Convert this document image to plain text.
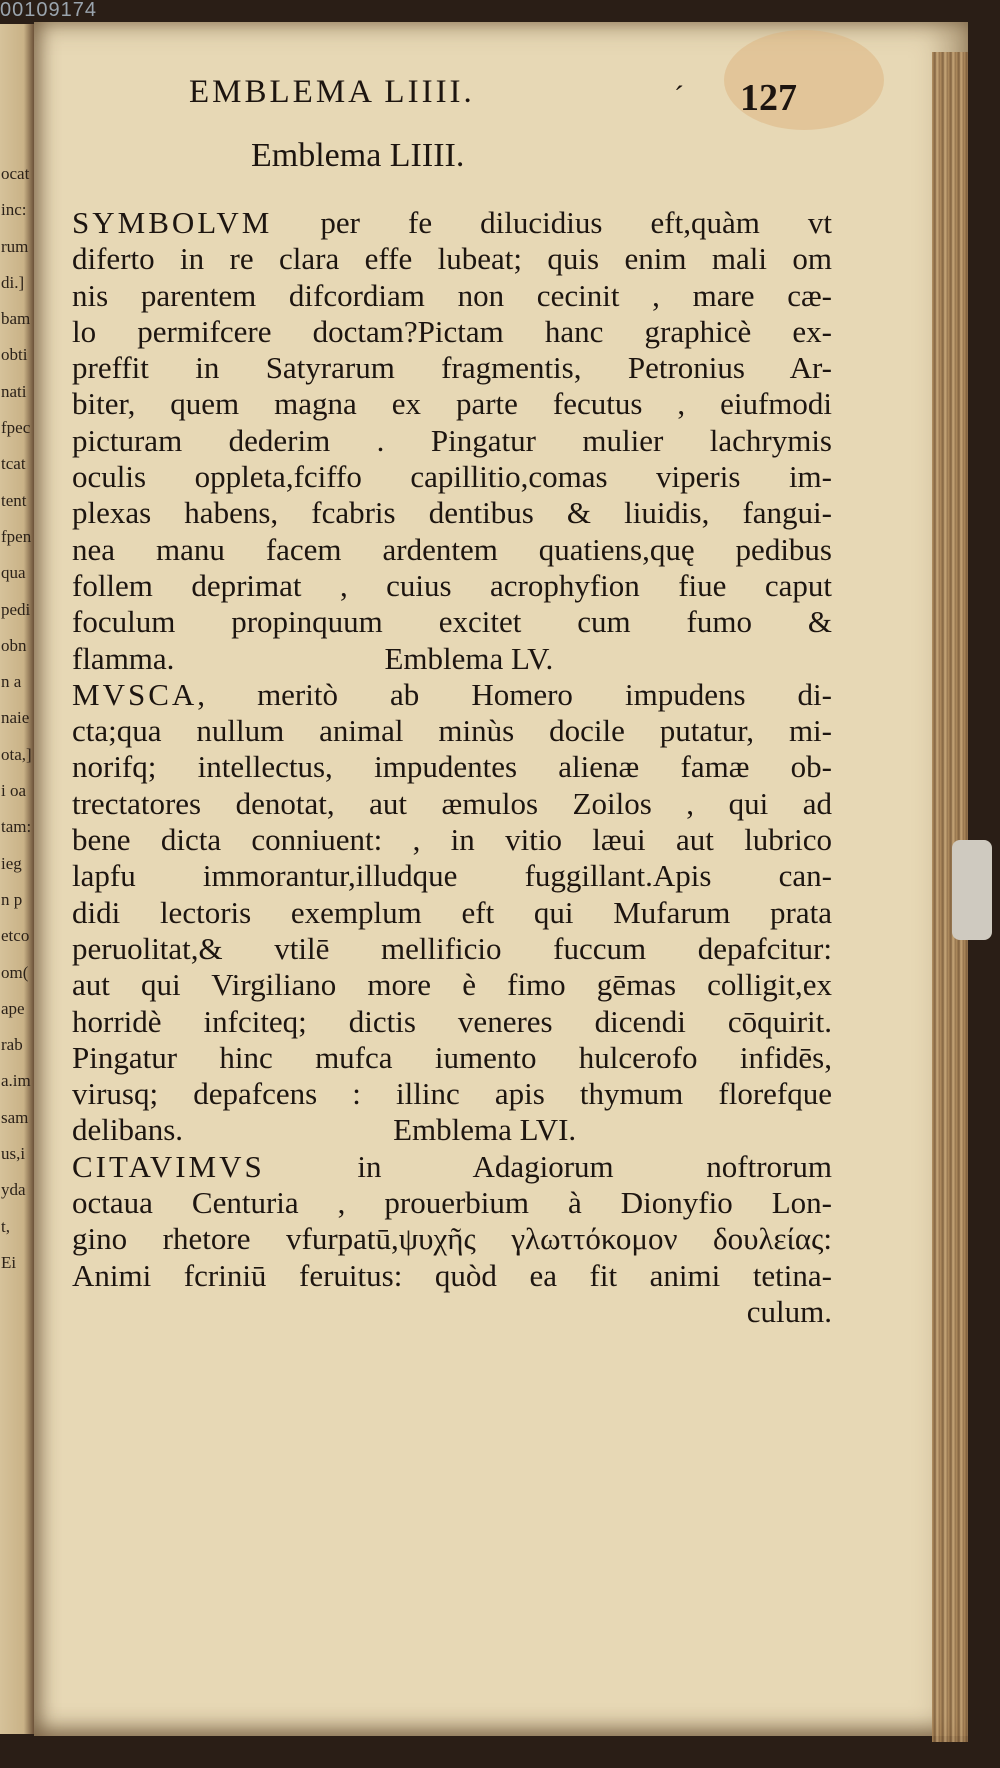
00109174
ocat
inc:
rum
di.]
bam
obti
nati
fpec
tcat
tent
fpen
qua
pedi
obn
n a
naie
ota,]
i oa
tam:
ieg
n p
etco
om(
ape
rab
a.im
sam
us,i
yda
t,
Ei
EMBLEMA LIIII.	´ 127
Emblema LIIII.
SYMBOLVM per fe dilucidius eft,quàm vt
diferto in re clara effe lubeat; quis enim mali om
nis parentem difcordiam non cecinit , mare cæ-
lo permifcere doctam?Pictam hanc graphicè ex-
preffit in Satyrarum fragmentis, Petronius Ar-
biter, quem magna ex parte fecutus , eiufmodi
picturam dederim . Pingatur mulier lachrymis
oculis oppleta,fciffo capillitio,comas viperis im-
plexas habens, fcabris dentibus & liuidis, fangui-
nea manu facem ardentem quatiens,quę pedibus
follem deprimat , cuius acrophyfion fiue caput
foculum propinquum excitet cum fumo &
flamma.	Emblema LV.
MVSCA, meritò ab Homero impudens di-
cta;qua nullum animal minùs docile putatur, mi-
norifq; intellectus, impudentes alienæ famæ ob-
trectatores denotat, aut æmulos Zoilos , qui ad
bene dicta conniuent: , in vitio læui aut lubrico
lapfu immorantur,illudque fuggillant.Apis can-
didi lectoris exemplum eft qui Mufarum prata
peruolitat,& vtilē mellificio fuccum depafcitur:
aut qui Virgiliano more è fimo gēmas colligit,ex
horridè infciteq; dictis veneres dicendi cōquirit.
Pingatur hinc mufca iumento hulcerofo infidēs,
virusq; depafcens : illinc apis thymum florefque
delibans.	Emblema LVI.
CITAVIMVS in Adagiorum noftrorum
octaua Centuria , prouerbium à Dionyfio Lon-
gino rhetore vfurpatū,ψυχῆς γλωττόκομον δουλείας:
Animi fcriniū feruitus: quòd ea fit animi tetina-
culum.
